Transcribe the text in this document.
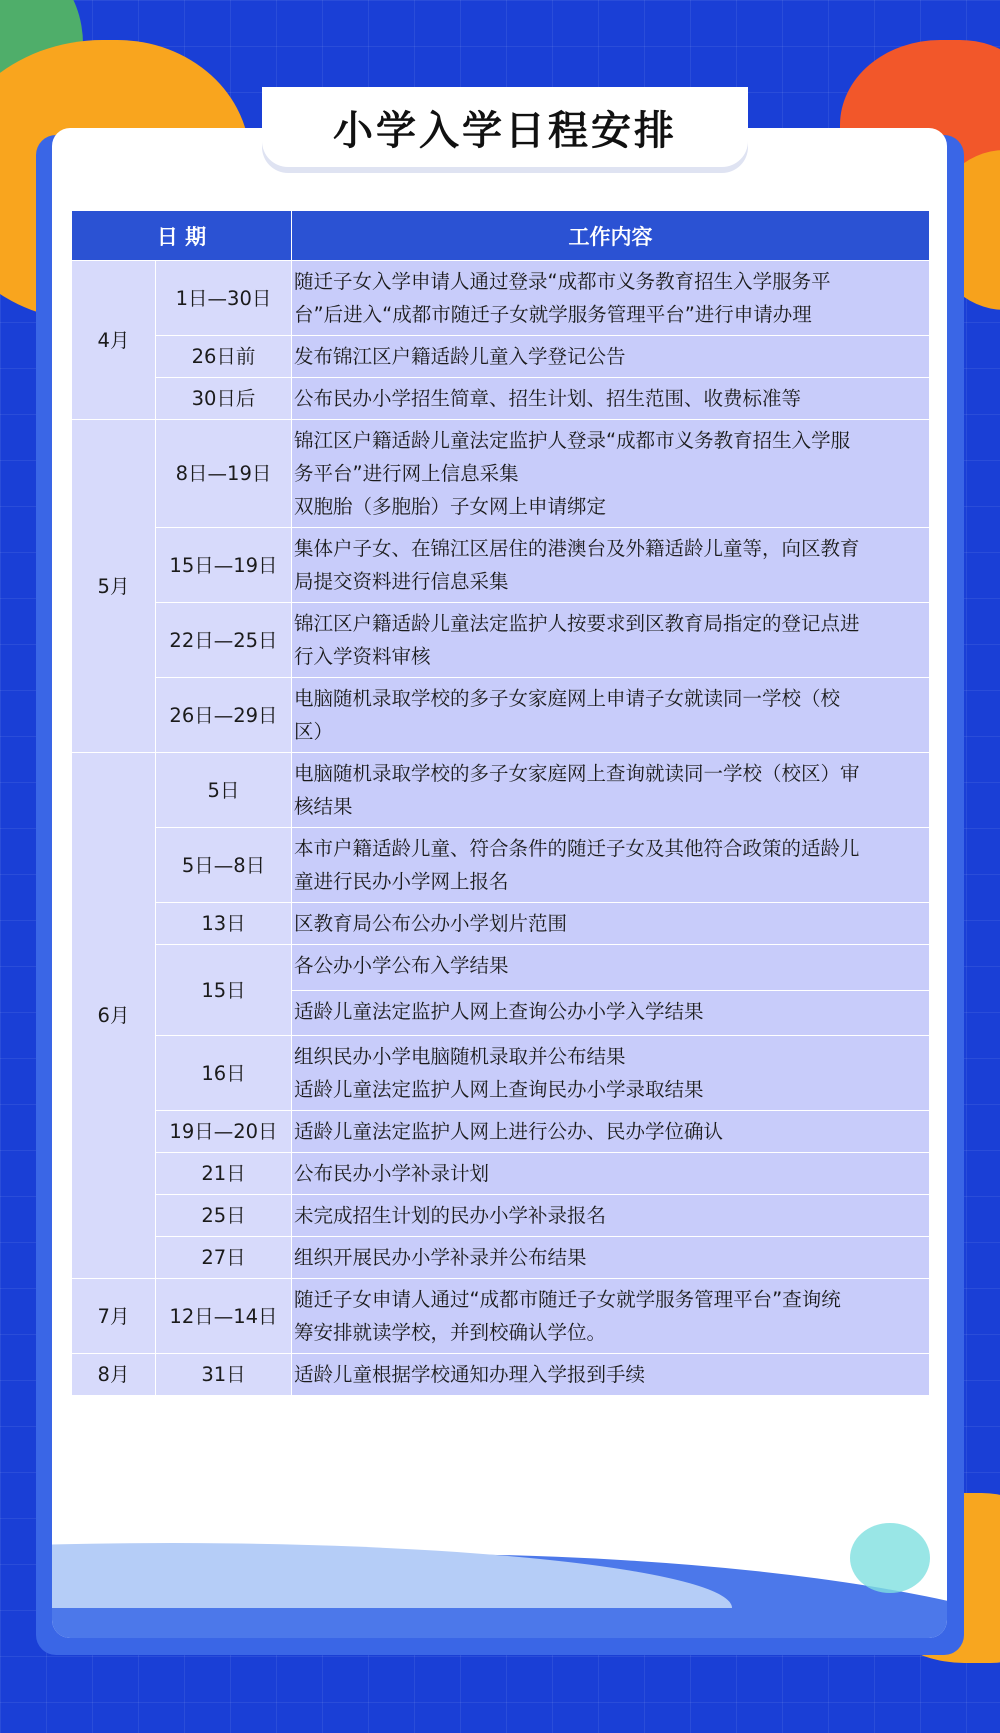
小学入学日程安排
日 期		工作内容
4月	1日—30日	随迁子女入学申请人通过登录“成都市义务教育招生入学服务平
台”后进入“成都市随迁子女就学服务管理平台”进行申请办理

	26日前	发布锦江区户籍适龄儿童入学登记公告

	30日后	公布民办小学招生简章、招生计划、招生范围、收费标准等

5月	8日—19日	锦江区户籍适龄儿童法定监护人登录“成都市义务教育招生入学服
务平台”进行网上信息采集
双胞胎（多胞胎）子女网上申请绑定

	15日—19日	集体户子女、在锦江区居住的港澳台及外籍适龄儿童等，向区教育
局提交资料进行信息采集

	22日—25日	锦江区户籍适龄儿童法定监护人按要求到区教育局指定的登记点进
行入学资料审核

	26日—29日	电脑随机录取学校的多子女家庭网上申请子女就读同一学校（校
区）

6月	5日	电脑随机录取学校的多子女家庭网上查询就读同一学校（校区）审
核结果

	5日—8日	本市户籍适龄儿童、符合条件的随迁子女及其他符合政策的适龄儿
童进行民办小学网上报名

	13日	区教育局公布公办小学划片范围

	15日	各公办小学公布入学结果
适龄儿童法定监护人网上查询公办小学入学结果

	16日	组织民办小学电脑随机录取并公布结果
适龄儿童法定监护人网上查询民办小学录取结果

	19日—20日	适龄儿童法定监护人网上进行公办、民办学位确认

	21日	公布民办小学补录计划

	25日	未完成招生计划的民办小学补录报名

	27日	组织开展民办小学补录并公布结果

7月	12日—14日	随迁子女申请人通过“成都市随迁子女就学服务管理平台”查询统
筹安排就读学校，并到校确认学位。

8月	31日	适龄儿童根据学校通知办理入学报到手续
